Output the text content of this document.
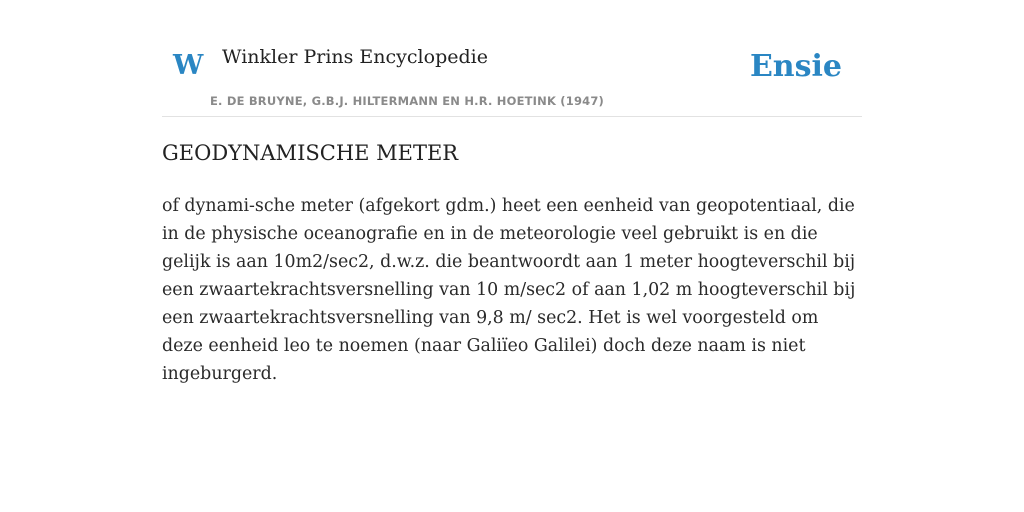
W Winkler Prins Encyclopedie
E. DE BRUYNE, G.B.J. HILTERMANN EN H.R. HOETINK (1947)
Ensie
GEODYNAMISCHE METER

of dynami-sche meter (afgekort gdm.) heet een eenheid van geopotentiaal, die in de physische oceanografie en in de meteorologie veel gebruikt is en die gelijk is aan 10m2/sec2, d.w.z. die beantwoordt aan 1 meter hoogteverschil bij een zwaartekrachtsversnelling van 10 m/sec2 of aan 1,02 m hoogteverschil bij een zwaartekrachtsversnelling van 9,8 m/ sec2. Het is wel voorgesteld om deze eenheid leo te noemen (naar Galiïeo Galilei) doch deze naam is niet ingeburgerd.
